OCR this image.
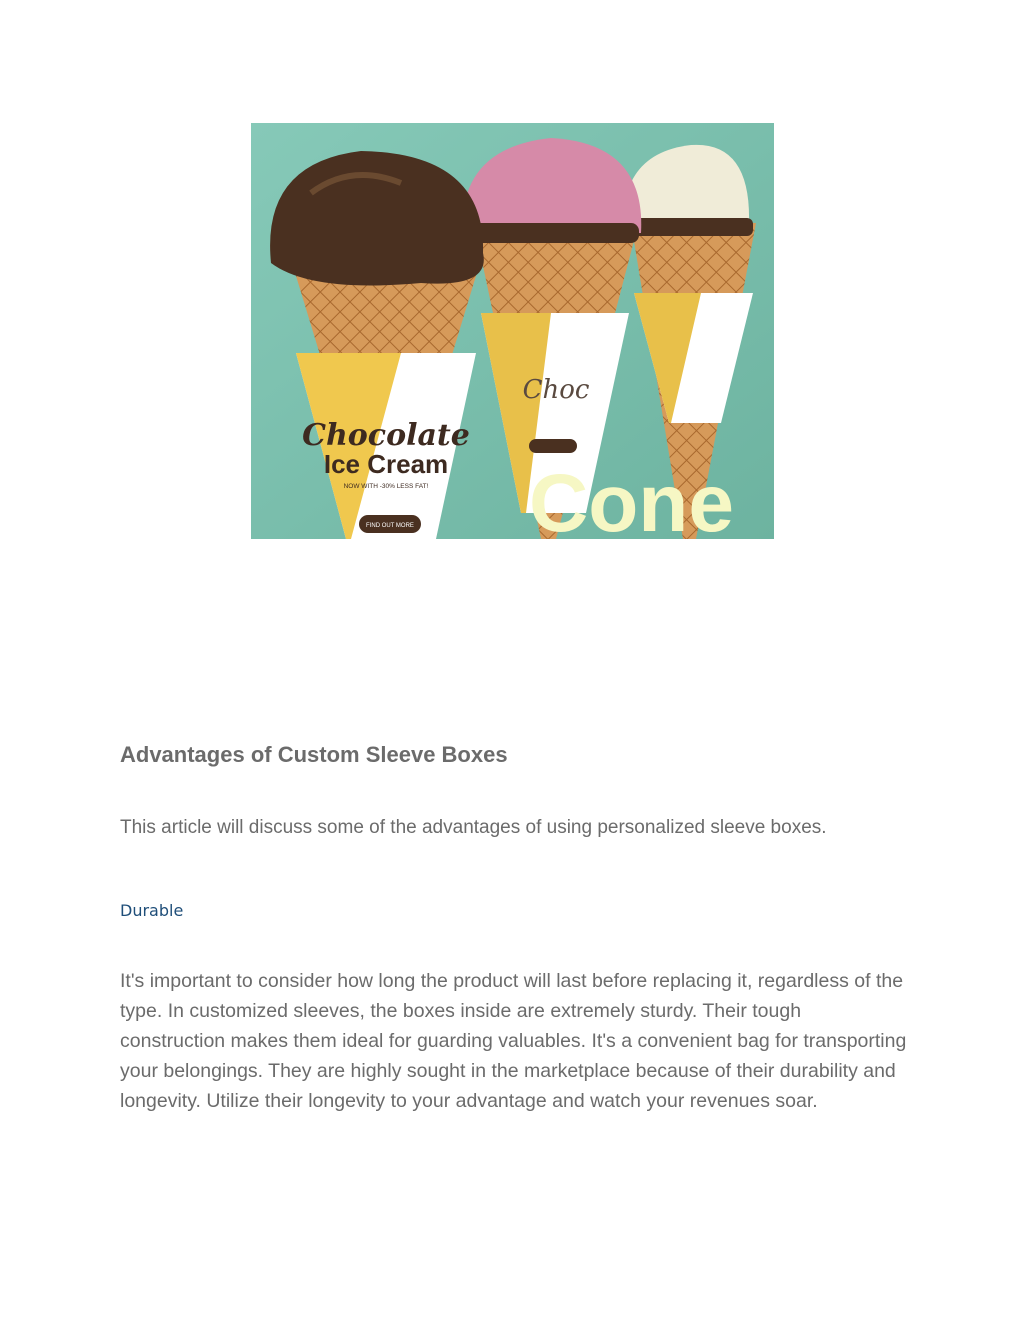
Choc
Chocolate
Ice Cream
NOW WITH -30% LESS FAT!
FIND OUT MORE Cone
Advantages of Custom Sleeve Boxes

This article will discuss some of the advantages of using personalized sleeve boxes.

Durable

It's important to consider how long the product will last before replacing it, regardless of the type. In customized sleeves, the boxes inside are extremely sturdy. Their tough construction makes them ideal for guarding valuables. It's a convenient bag for transporting your belongings. They are highly sought in the marketplace because of their durability and longevity. Utilize their longevity to your advantage and watch your revenues soar.
